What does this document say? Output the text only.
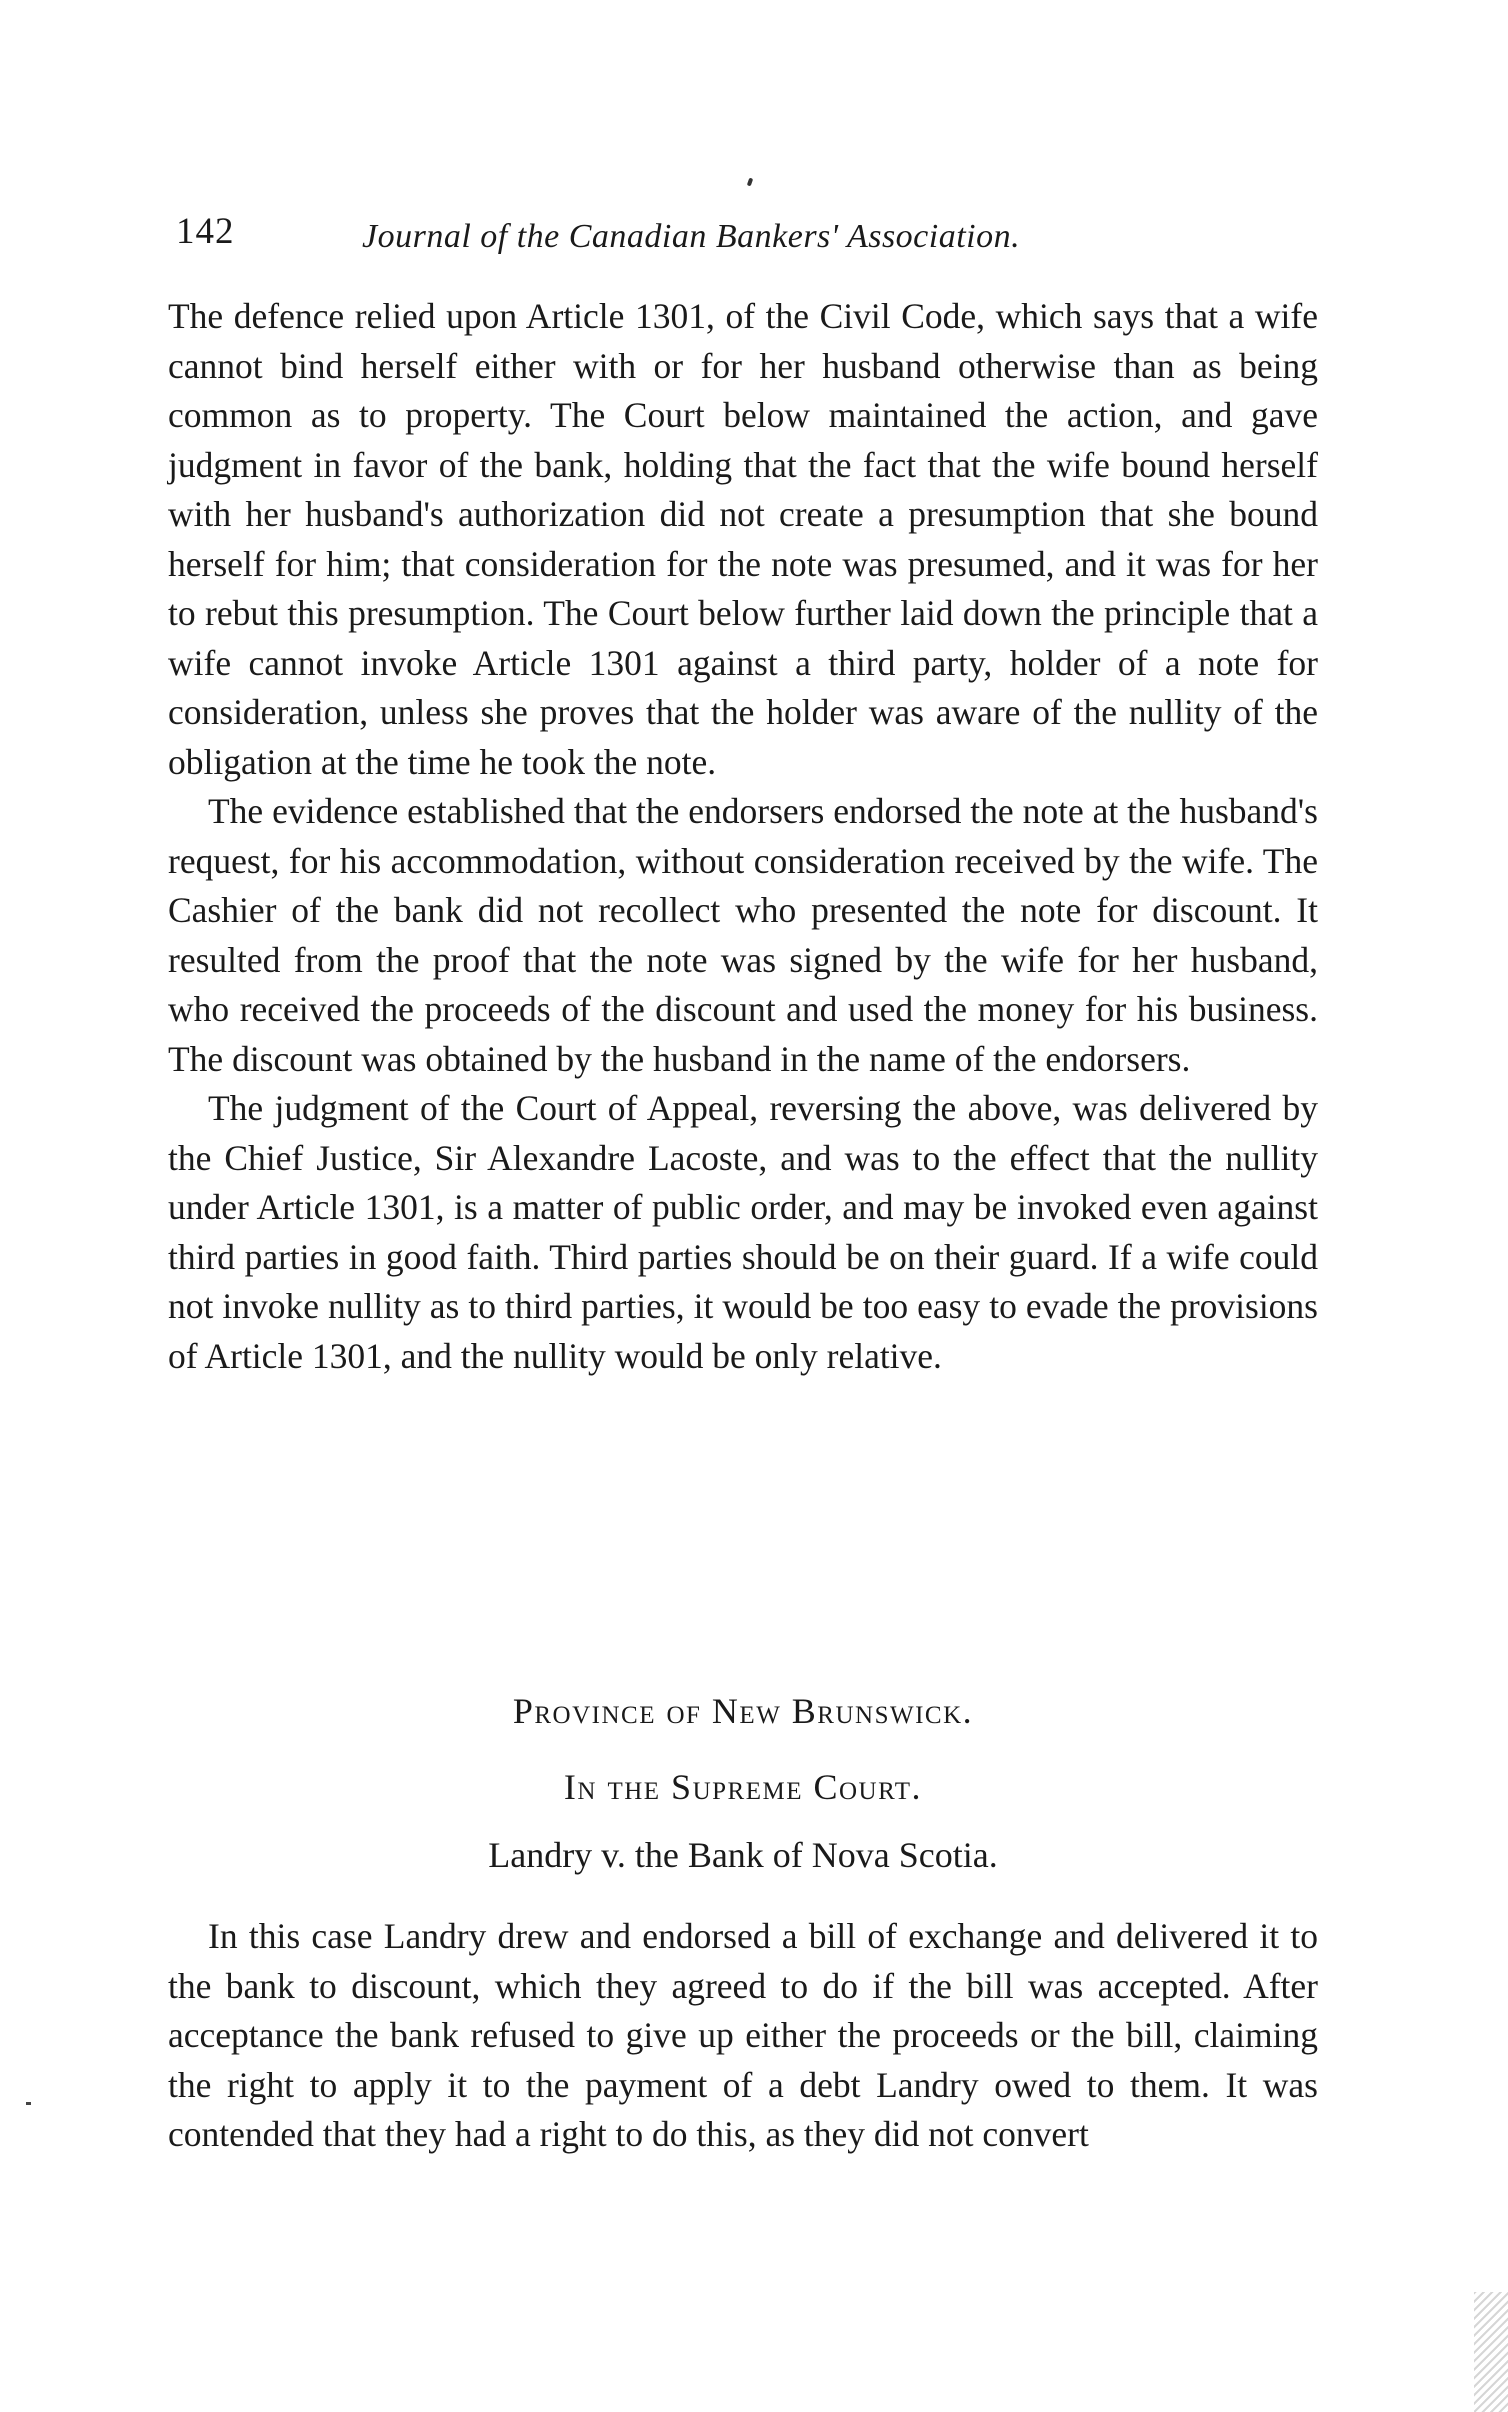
142	Journal of the Canadian Bankers' Association.

The defence relied upon Article 1301, of the Civil Code, which says that a wife cannot bind herself either with or for her husband otherwise than as being common as to property. The Court below maintained the action, and gave judgment in favor of the bank, holding that the fact that the wife bound herself with her husband's authorization did not create a presumption that she bound herself for him; that consideration for the note was presumed, and it was for her to rebut this presumption. The Court below further laid down the principle that a wife cannot invoke Article 1301 against a third party, holder of a note for consideration, unless she proves that the holder was aware of the nullity of the obligation at the time he took the note.

The evidence established that the endorsers endorsed the note at the husband's request, for his accommodation, without consideration received by the wife. The Cashier of the bank did not recollect who presented the note for discount. It resulted from the proof that the note was signed by the wife for her husband, who received the proceeds of the discount and used the money for his business. The discount was obtained by the husband in the name of the endorsers.

The judgment of the Court of Appeal, reversing the above, was delivered by the Chief Justice, Sir Alexandre Lacoste, and was to the effect that the nullity under Article 1301, is a matter of public order, and may be invoked even against third parties in good faith. Third parties should be on their guard. If a wife could not invoke nullity as to third parties, it would be too easy to evade the provisions of Article 1301, and the nullity would be only relative.

Province of New Brunswick.
In the Supreme Court.
Landry v. the Bank of Nova Scotia.

In this case Landry drew and endorsed a bill of exchange and delivered it to the bank to discount, which they agreed to do if the bill was accepted. After acceptance the bank refused to give up either the proceeds or the bill, claiming the right to apply it to the payment of a debt Landry owed to them. It was contended that they had a right to do this, as they did not convert
